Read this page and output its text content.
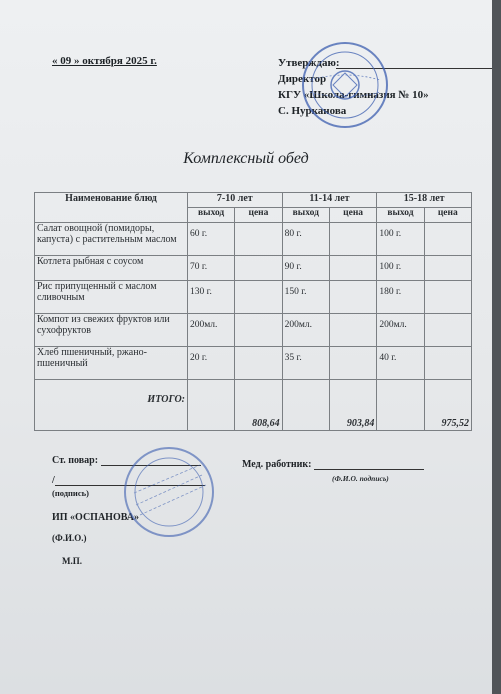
« 09 » октября 2025 г.	Утверждаю:
Директор
КГУ «Школа-гимназия № 10»
С. Нурканова
Комплексный обед
Наименование блюд	7-10 лет		11-14 лет		15-18 лет	
	выход	цена	выход	цена	выход	цена
Салат овощной (помидоры, капуста) с растительным маслом	60 г.		80 г.		100 г.	
Котлета рыбная с соусом	70 г.		90 г.		100 г.	
Рис припущенный с маслом сливочным	130 г.		150 г.		180 г.	
Компот из свежих фруктов или сухофруктов	200мл.		200мл.		200мл.	
Хлеб пшеничный, ржано-пшеничный	20 г.		35 г.		40 г.	
ИТОГО:		808,64		903,84		975,52
Ст. повар:
/
(подпись)
ИП «ОСПАНОВА»
(Ф.И.О.)
М.П.
Мед. работник:
(Ф.И.О. подпись)
